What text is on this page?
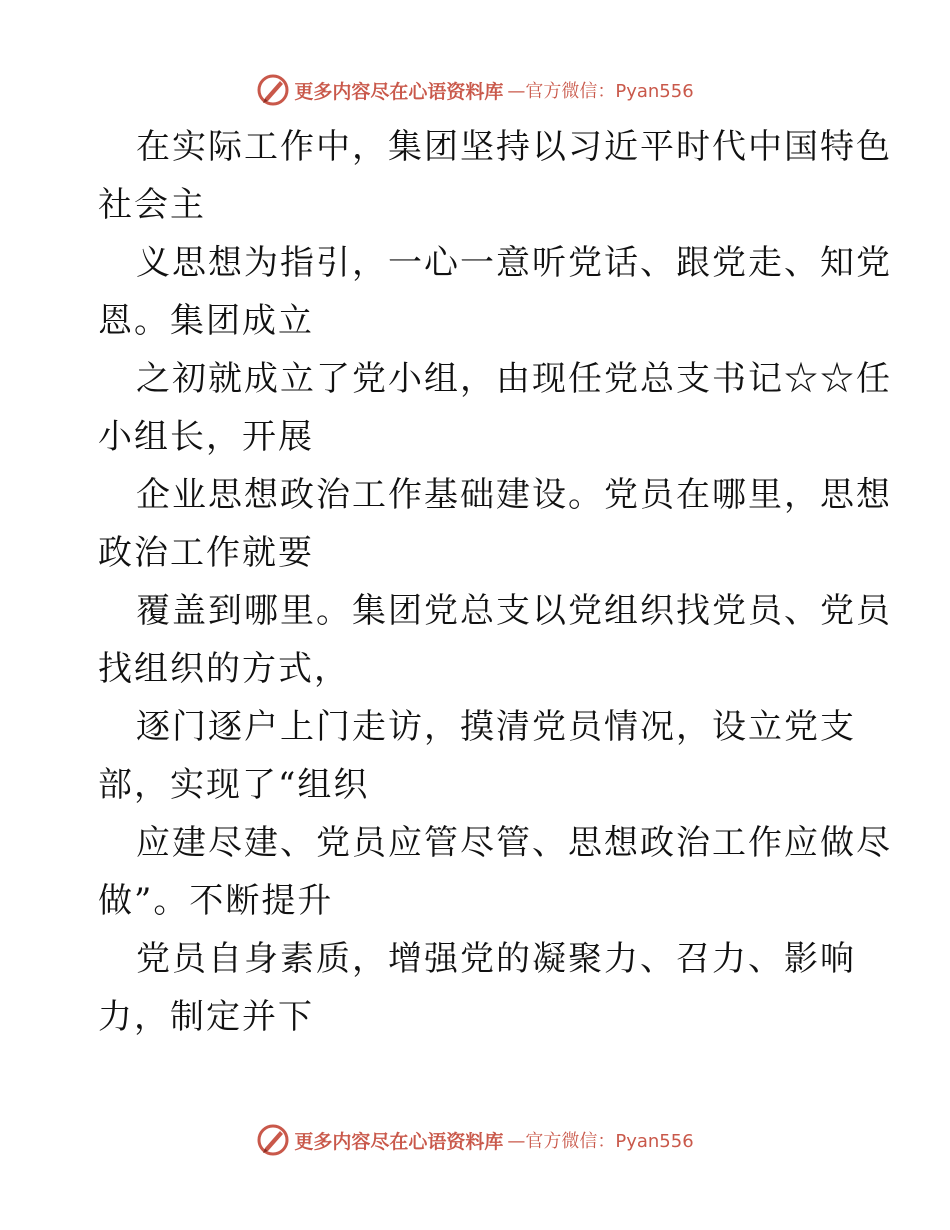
更多内容尽在心语资料库 —官方微信：Pyan556

在实际工作中，集团坚持以习近平时代中国特色
社会主

义思想为指引，一心一意听党话、跟党走、知党
恩。集团成立

之初就成立了党小组，由现任党总支书记☆☆任
小组长，开展

企业思想政治工作基础建设。党员在哪里，思想
政治工作就要

覆盖到哪里。集团党总支以党组织找党员、党员
找组织的方式，

逐门逐户上门走访，摸清党员情况，设立党支
部，实现了“组织

应建尽建、党员应管尽管、思想政治工作应做尽
做”。不断提升

党员自身素质，增强党的凝聚力、召力、影响
力，制定并下

更多内容尽在心语资料库 —官方微信：Pyan556
